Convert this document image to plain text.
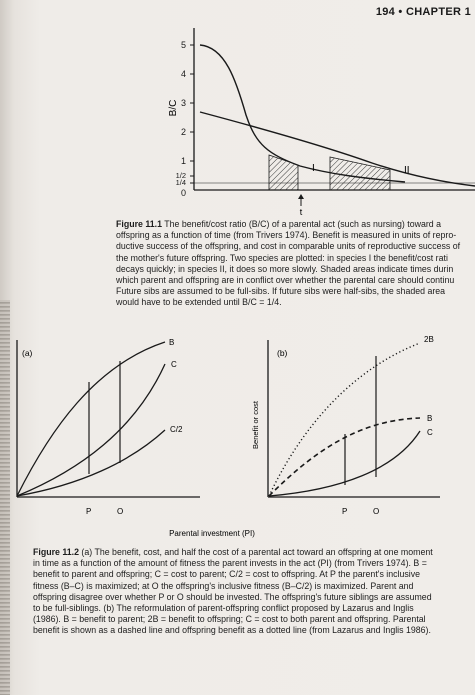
194 • CHAPTER 1
5
4
3
2
1
1/2
1/4
0
B/C
I	II
t

Figure 11.1 The benefit/cost ratio (B/C) of a parental act (such as nursing) toward a
offspring as a function of time (from Trivers 1974). Benefit is measured in units of repro-
ductive success of the offspring, and cost in comparable units of reproductive success of
the mother's future offspring. Two species are plotted: in species I the benefit/cost rati
decays quickly; in species II, it does so more slowly. Shaded areas indicate times durin
which parent and offspring are in conflict over whether the parental care should continu
Future sibs are assumed to be full-sibs. If future sibs were half-sibs, the shaded area
would have to be extended until B/C = 1/4.

(a)
B
C
C/2
P	O
(b)
Benefit or cost
2B
B
C
P	O
Parental investment (PI)

Figure 11.2 (a) The benefit, cost, and half the cost of a parental act toward an offspring at one moment in time as a function of the amount of fitness the parent invests in the act (PI) (from Trivers 1974). B = benefit to parent and offspring; C = cost to parent; C/2 = cost to offspring. At P the parent's inclusive fitness (B–C) is maximized; at O the offspring's inclusive fitness (B–C/2) is maximized. Parent and offspring disagree over whether P or O should be invested. The offspring's future siblings are assumed to be full-siblings. (b) The reformulation of parent-offspring conflict proposed by Lazarus and Inglis (1986). B = benefit to parent; 2B = benefit to offspring; C = cost to both parent and offspring. Parental benefit is shown as a dashed line and offspring benefit as a dotted line (from Lazarus and Inglis 1986).
